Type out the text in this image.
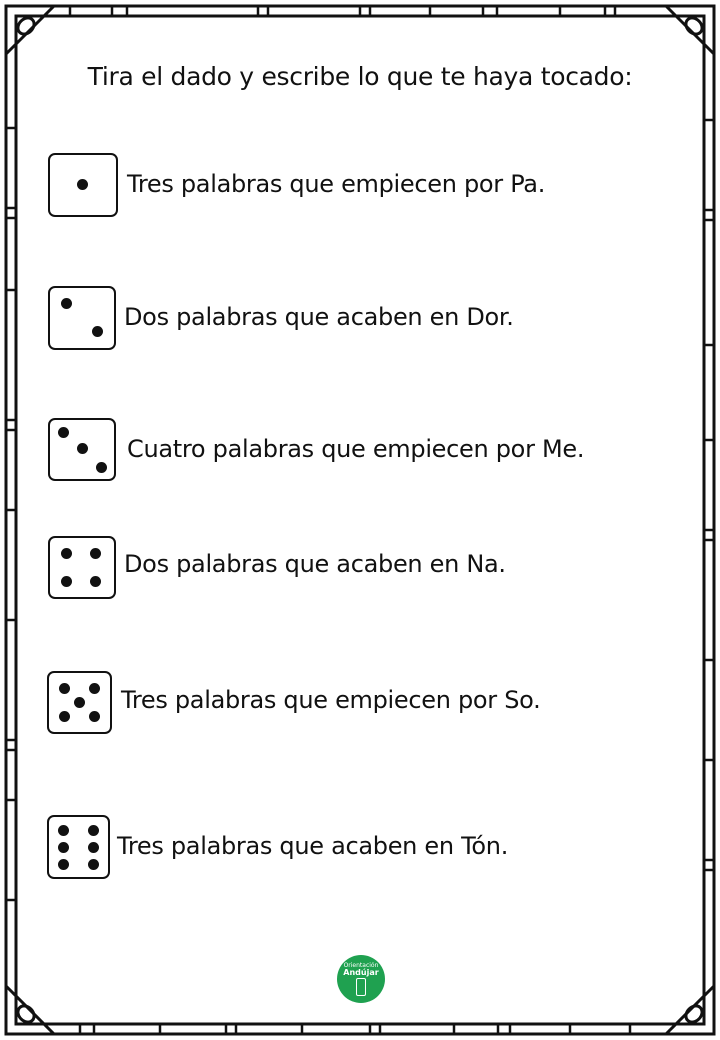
Tira el dado y escribe lo que te haya tocado:
Tres palabras que empiecen por Pa.
Dos palabras que acaben en Dor.
Cuatro palabras que empiecen por Me.
Dos palabras que acaben en Na.
Tres palabras que empiecen por So.
Tres palabras que acaben en Tón.
Orientación
Andújar
